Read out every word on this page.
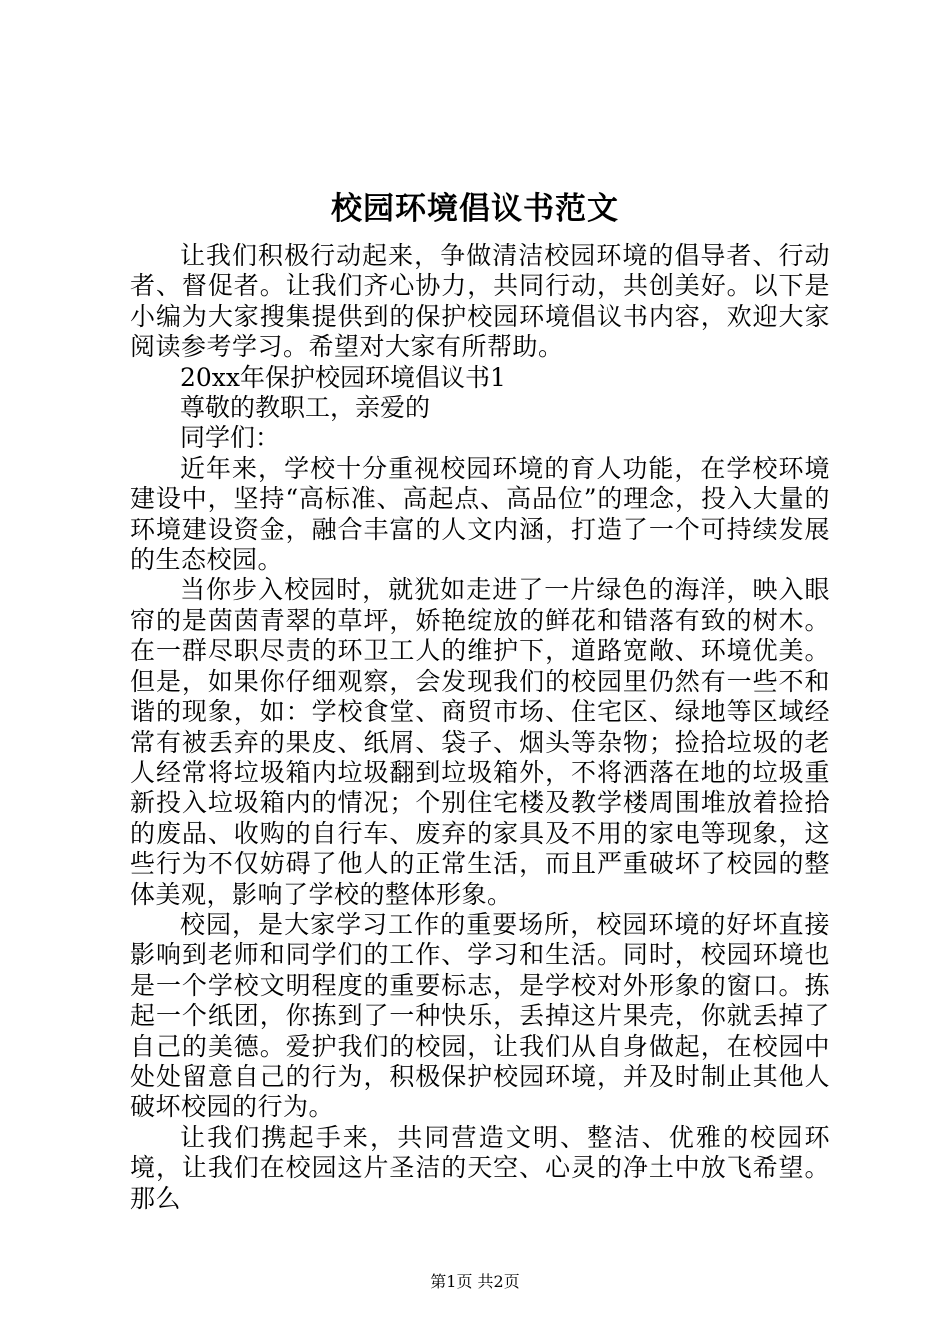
校园环境倡议书范文

让我们积极行动起来，争做清洁校园环境的倡导者、行动者、督促者。让我们齐心协力，共同行动，共创美好。以下是小编为大家搜集提供到的保护校园环境倡议书内容，欢迎大家阅读参考学习。希望对大家有所帮助。

20xx年保护校园环境倡议书1

尊敬的教职工，亲爱的

同学们：

近年来，学校十分重视校园环境的育人功能，在学校环境建设中，坚持“高标准、高起点、高品位”的理念，投入大量的环境建设资金，融合丰富的人文内涵，打造了一个可持续发展的生态校园。

当你步入校园时，就犹如走进了一片绿色的海洋，映入眼帘的是茵茵青翠的草坪，娇艳绽放的鲜花和错落有致的树木。在一群尽职尽责的环卫工人的维护下，道路宽敞、环境优美。但是，如果你仔细观察，会发现我们的校园里仍然有一些不和谐的现象，如：学校食堂、商贸市场、住宅区、绿地等区域经常有被丢弃的果皮、纸屑、袋子、烟头等杂物；捡拾垃圾的老人经常将垃圾箱内垃圾翻到垃圾箱外，不将洒落在地的垃圾重新投入垃圾箱内的情况；个别住宅楼及教学楼周围堆放着捡拾的废品、收购的自行车、废弃的家具及不用的家电等现象，这些行为不仅妨碍了他人的正常生活，而且严重破坏了校园的整体美观，影响了学校的整体形象。

校园，是大家学习工作的重要场所，校园环境的好坏直接影响到老师和同学们的工作、学习和生活。同时，校园环境也是一个学校文明程度的重要标志，是学校对外形象的窗口。拣起一个纸团，你拣到了一种快乐，丢掉这片果壳，你就丢掉了自己的美德。爱护我们的校园，让我们从自身做起，在校园中处处留意自己的行为，积极保护校园环境，并及时制止其他人破坏校园的行为。

让我们携起手来，共同营造文明、整洁、优雅的校园环境，让我们在校园这片圣洁的天空、心灵的净土中放飞希望。那么

第1页 共2页
